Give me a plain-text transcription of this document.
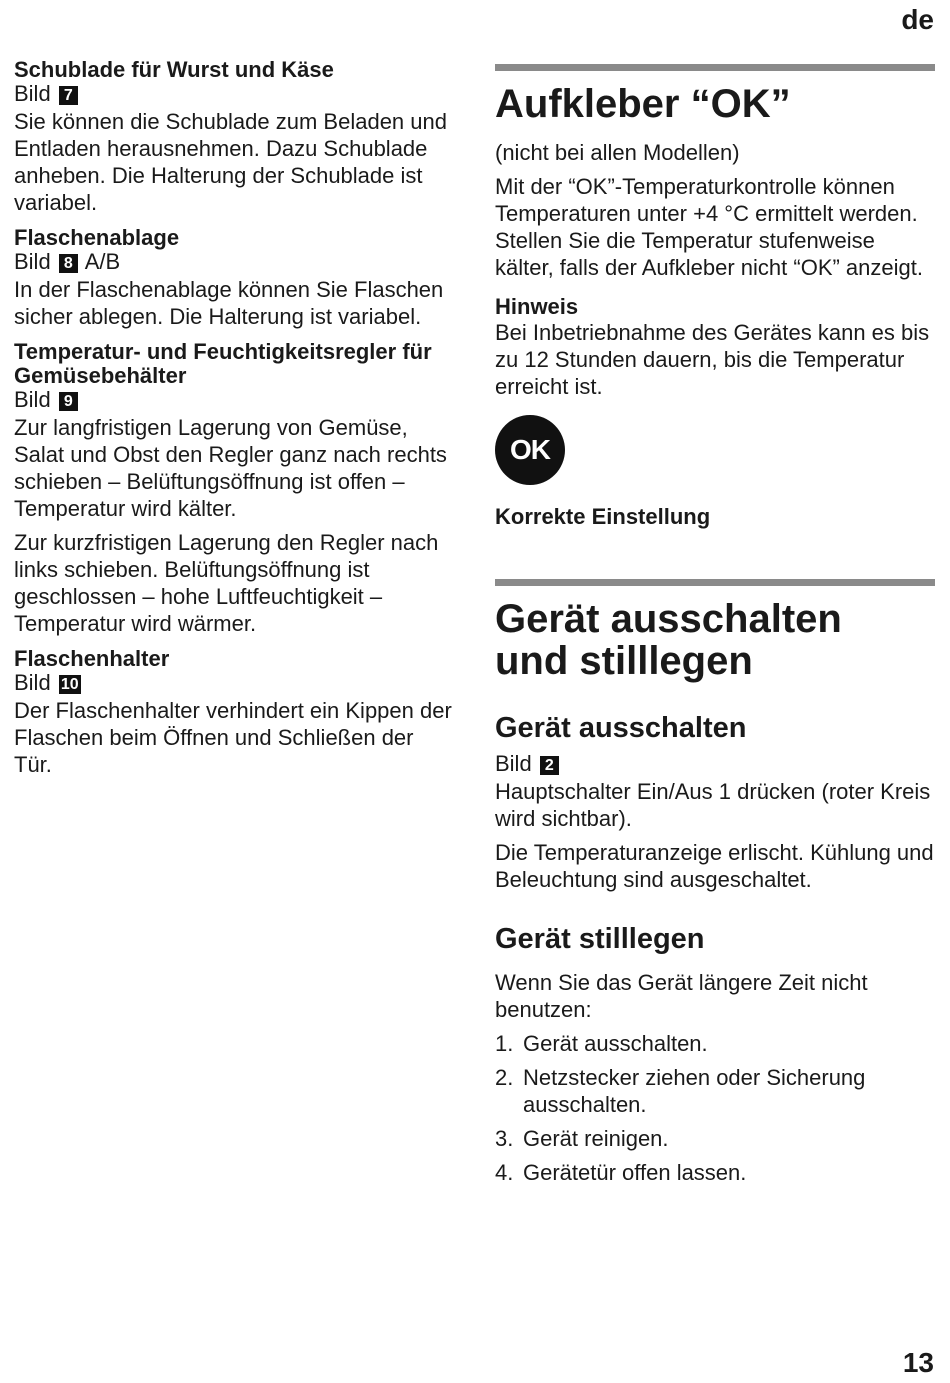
de
Schublade für Wurst und Käse
Bild 7

Sie können die Schublade zum Beladen und Entladen herausnehmen. Dazu Schublade anheben. Die Halterung der Schublade ist variabel.

Flaschenablage
Bild 8 A/B

In der Flaschenablage können Sie Flaschen sicher ablegen. Die Halterung ist variabel.

Temperatur- und Feuchtigkeitsregler für Gemüsebehälter
Bild 9

Zur langfristigen Lagerung von Gemüse, Salat und Obst den Regler ganz nach rechts schieben – Belüftungsöffnung ist offen – Temperatur wird kälter.

Zur kurzfristigen Lagerung den Regler nach links schieben. Belüftungsöffnung ist geschlossen – hohe Luftfeuchtigkeit – Temperatur wird wärmer.

Flaschenhalter
Bild 10

Der Flaschenhalter verhindert ein Kippen der Flaschen beim Öffnen und Schließen der Tür.

Aufkleber “OK”

(nicht bei allen Modellen)

Mit der “OK”-Temperaturkontrolle können Temperaturen unter +4 °C ermittelt werden. Stellen Sie die Temperatur stufenweise kälter, falls der Aufkleber nicht “OK” anzeigt.

Hinweis

Bei Inbetriebnahme des Gerätes kann es bis zu 12 Stunden dauern, bis die Temperatur erreicht ist.

OK
Korrekte Einstellung
Gerät ausschalten
und stilllegen
Gerät ausschalten
Bild 2

Hauptschalter Ein/Aus 1 drücken (roter Kreis wird sichtbar).

Die Temperaturanzeige erlischt. Kühlung und Beleuchtung sind ausgeschaltet.

Gerät stilllegen

Wenn Sie das Gerät längere Zeit nicht benutzen:

1. Gerät ausschalten.
2. Netzstecker ziehen oder Sicherung ausschalten.
3. Gerät reinigen.
4. Gerätetür offen lassen.
13
